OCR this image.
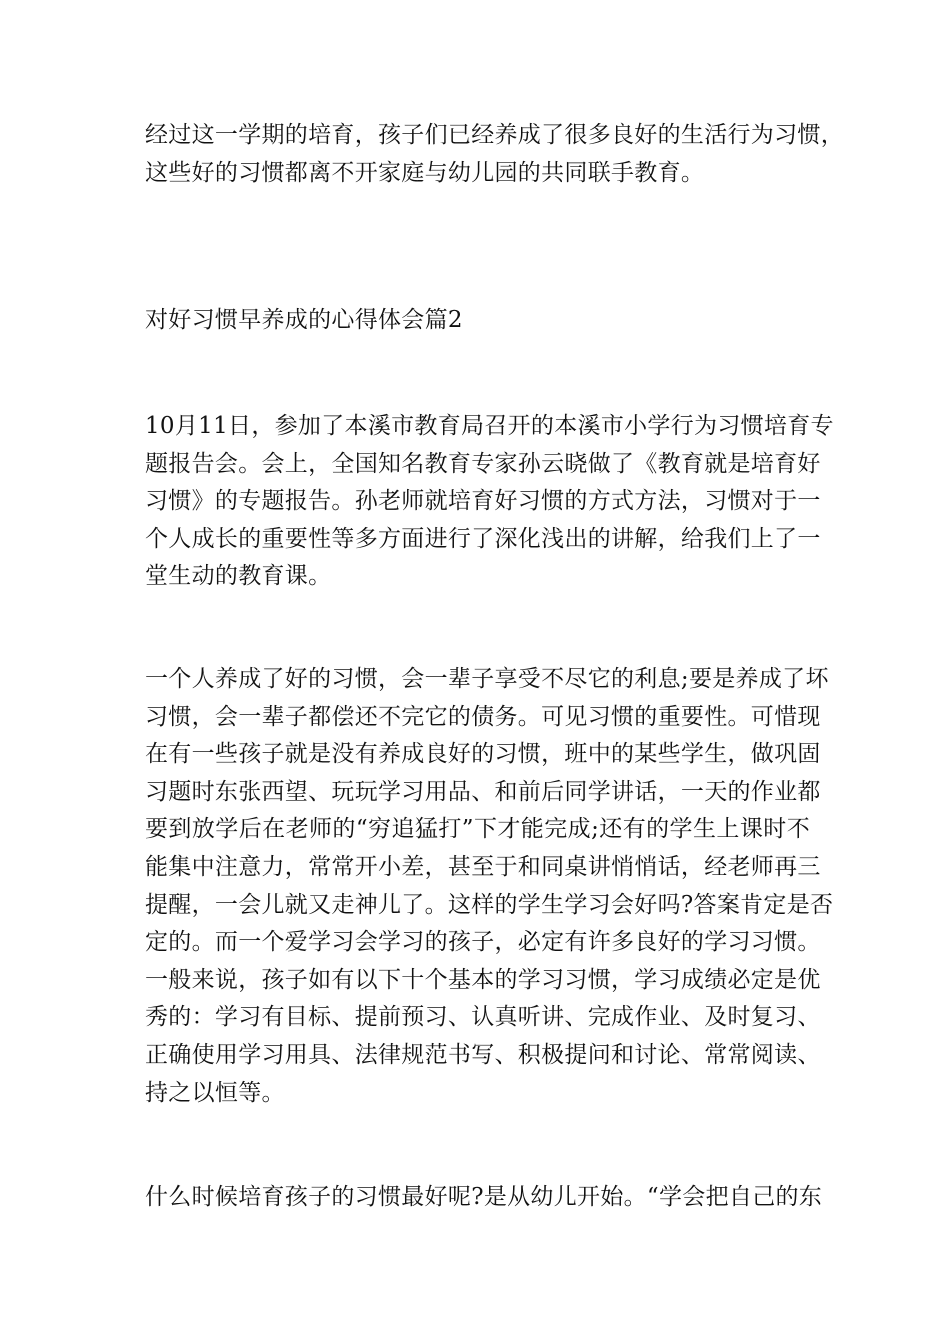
经过这一学期的培育，孩子们已经养成了很多良好的生活行为习惯，
这些好的习惯都离不开家庭与幼儿园的共同联手教育。

对好习惯早养成的心得体会篇2

10月11日，参加了本溪市教育局召开的本溪市小学行为习惯培育专
题报告会。会上，全国知名教育专家孙云晓做了《教育就是培育好
习惯》的专题报告。孙老师就培育好习惯的方式方法，习惯对于一
个人成长的重要性等多方面进行了深化浅出的讲解，给我们上了一
堂生动的教育课。

一个人养成了好的习惯，会一辈子享受不尽它的利息;要是养成了坏
习惯，会一辈子都偿还不完它的债务。可见习惯的重要性。可惜现
在有一些孩子就是没有养成良好的习惯，班中的某些学生，做巩固
习题时东张西望、玩玩学习用品、和前后同学讲话，一天的作业都
要到放学后在老师的“穷追猛打”下才能完成;还有的学生上课时不
能集中注意力，常常开小差，甚至于和同桌讲悄悄话，经老师再三
提醒，一会儿就又走神儿了。这样的学生学习会好吗?答案肯定是否
定的。而一个爱学习会学习的孩子，必定有许多良好的学习习惯。
一般来说，孩子如有以下十个基本的学习习惯，学习成绩必定是优
秀的：学习有目标、提前预习、认真听讲、完成作业、及时复习、
正确使用学习用具、法律规范书写、积极提问和讨论、常常阅读、
持之以恒等。

什么时候培育孩子的习惯最好呢?是从幼儿开始。“学会把自己的东
